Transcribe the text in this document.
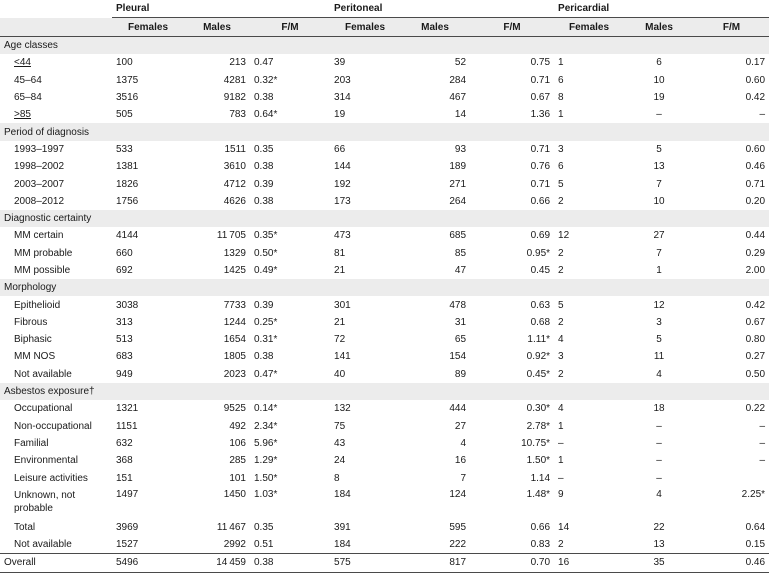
	Pleural			Peritoneal			Pericardial		
	Females	Males	F/M	Females	Males	F/M	Females	Males	F/M
Age classes									
<44	100	213	0.47	39	52	0.75	1	6	0.17
45–64	1375	4281	0.32*	203	284	0.71	6	10	0.60
65–84	3516	9182	0.38	314	467	0.67	8	19	0.42
>85	505	783	0.64*	19	14	1.36	1	–	–
Period of diagnosis									
1993–1997	533	1511	0.35	66	93	0.71	3	5	0.60
1998–2002	1381	3610	0.38	144	189	0.76	6	13	0.46
2003–2007	1826	4712	0.39	192	271	0.71	5	7	0.71
2008–2012	1756	4626	0.38	173	264	0.66	2	10	0.20
Diagnostic certainty									
MM certain	4144	11 705	0.35*	473	685	0.69	12	27	0.44
MM probable	660	1329	0.50*	81	85	0.95*	2	7	0.29
MM possible	692	1425	0.49*	21	47	0.45	2	1	2.00
Morphology									
Epithelioid	3038	7733	0.39	301	478	0.63	5	12	0.42
Fibrous	313	1244	0.25*	21	31	0.68	2	3	0.67
Biphasic	513	1654	0.31*	72	65	1.11*	4	5	0.80
MM NOS	683	1805	0.38	141	154	0.92*	3	11	0.27
Not available	949	2023	0.47*	40	89	0.45*	2	4	0.50
Asbestos exposure†									
Occupational	1321	9525	0.14*	132	444	0.30*	4	18	0.22
Non-occupational	1151	492	2.34*	75	27	2.78*	1	–	–
Familial	632	106	5.96*	43	4	10.75*	–	–	–
Environmental	368	285	1.29*	24	16	1.50*	1	–	–
Leisure activities	151	101	1.50*	8	7	1.14	–	–	
Unknown, not probable	1497	1450	1.03*	184	124	1.48*	9	4	2.25*
Total	3969	11 467	0.35	391	595	0.66	14	22	0.64
Not available	1527	2992	0.51	184	222	0.83	2	13	0.15
Overall	5496	14 459	0.38	575	817	0.70	16	35	0.46
